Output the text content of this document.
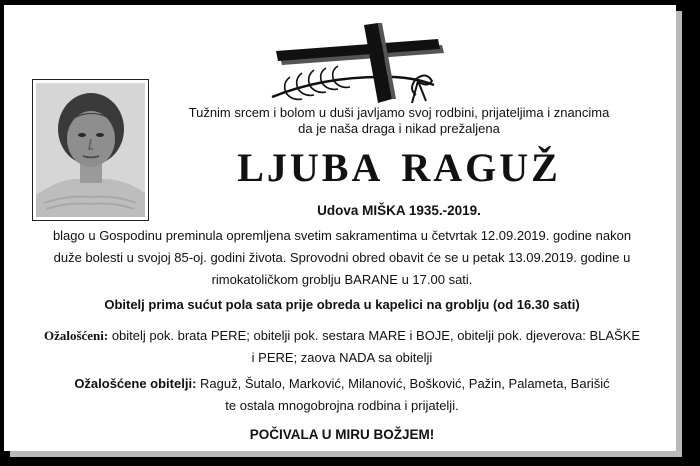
Tužnim srcem i bolom u duši javljamo svoj rodbini, prijateljima i znancima
da je naša draga i nikad prežaljena
LJUBA RAGUŽ
Udova MIŠKA 1935.-2019.
blago u Gospodinu preminula opremljena svetim sakramentima u četvrtak 12.09.2019. godine nakon
duže bolesti u svojoj 85-oj. godini života. Sprovodni obred obavit će se u petak 13.09.2019. godine u
rimokatoličkom groblju BARANE u 17.00 sati.
Obitelj prima sućut pola sata prije obreda u kapelici na groblju (od 16.30 sati)
Ožalošćeni: obitelj pok. brata PERE; obitelji pok. sestara MARE i BOJE, obitelji pok. djeverova: BLAŠKE
i PERE; zaova NADA sa obitelji
Ožalošćene obitelji: Raguž, Šutalo, Marković, Milanović, Bošković, Pažin, Palameta, Barišić
te ostala mnogobrojna rodbina i prijatelji.
POČIVALA U MIRU BOŽJEM!
